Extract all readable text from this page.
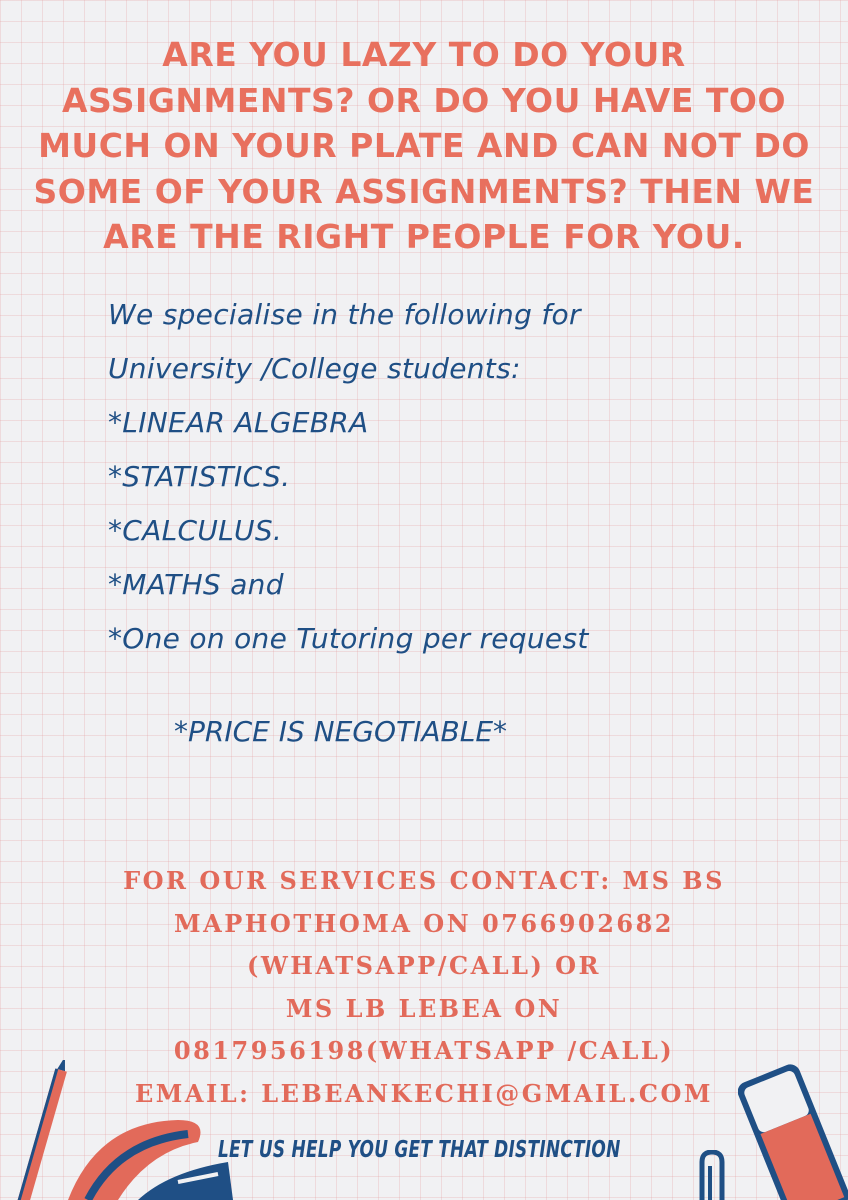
ARE YOU LAZY TO DO YOUR
ASSIGNMENTS? OR DO YOU HAVE TOO
MUCH ON YOUR PLATE AND CAN NOT DO
SOME OF YOUR ASSIGNMENTS? THEN WE
ARE THE RIGHT PEOPLE FOR YOU.
We specialise in the following for
University /College students:
*LINEAR ALGEBRA
*STATISTICS.
*CALCULUS.
*MATHS and
*One on one Tutoring per request
*PRICE IS NEGOTIABLE*
FOR OUR SERVICES CONTACT: MS BS
MAPHOTHOMA ON 0766902682
(WHATSAPP/CALL) OR
MS LB LEBEA ON
0817956198(WHATSAPP /CALL)
EMAIL: LEBEANKECHI@GMAIL.COM
LET US HELP YOU GET THAT DISTINCTION
